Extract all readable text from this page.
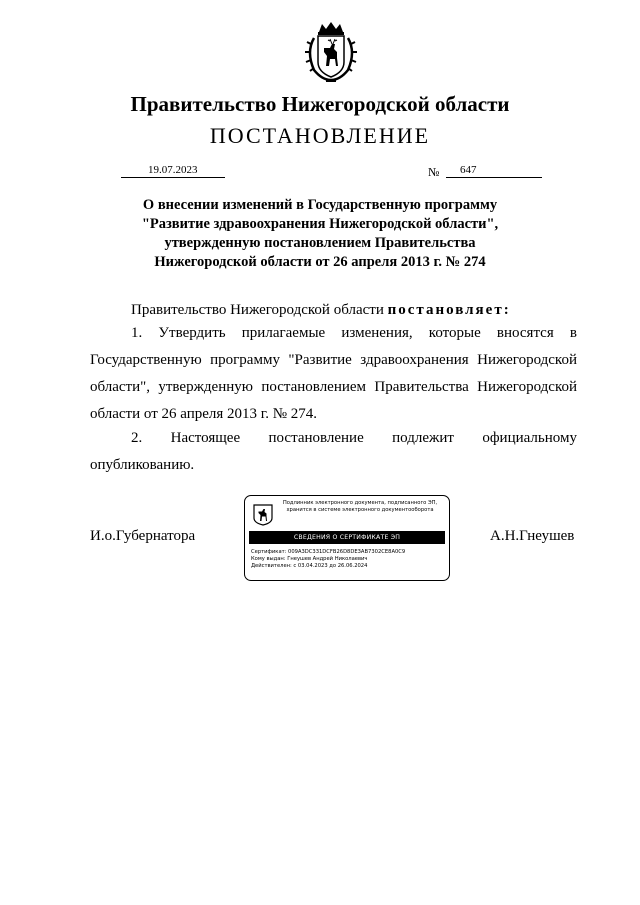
Правительство Нижегородской области
ПОСТАНОВЛЕНИЕ
19.07.2023	№	647
О внесении изменений в Государственную программу
"Развитие здравоохранения Нижегородской области",
утвержденную постановлением Правительства
Нижегородской области от 26 апреля 2013 г. № 274
Правительство Нижегородской области постановляет:
1. Утвердить прилагаемые изменения, которые вносятся в Государственную программу "Развитие здравоохранения Нижегородской области", утвержденную постановлением Правительства Нижегородской области от 26 апреля 2013 г. № 274.
2. Настоящее постановление подлежит официальному опубликованию.
И.о.Губернатора	А.Н.Гнеушев
Подлинник электронного документа, подписанного ЭП,
хранится в системе электронного документооборота
СВЕДЕНИЯ О СЕРТИФИКАТЕ ЭП
Сертификат: 009A3DC331DCFB26D8DE3AB7302CE8A0C9
Кому выдан: Гнеушев Андрей Николаевич
Действителен: с 03.04.2023 до 26.06.2024
